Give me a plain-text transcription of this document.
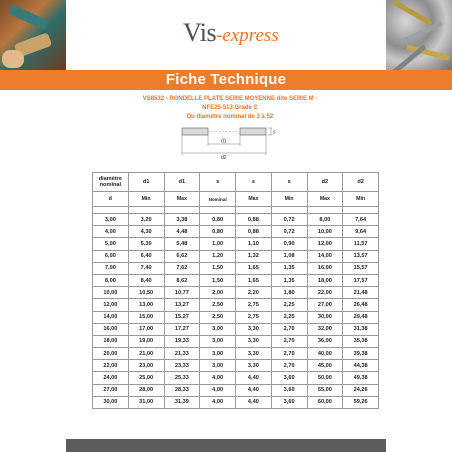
Vis-express
Fiche Technique
VS8532 - RONDELLE PLATE SERIE MOYENNE dite SERIE M -
NFE25-513 Grade C
Du diamètre nominal de 3 à 52
s
d1
d2
diamètre nominal	d1	d1	s	s	s	d2	d2
d	Min	Max	Nominal	Max	Min	Max	Min

3,00	3,20	3,38	0,80	0,88	0,72	8,00	7,64
4,00	4,30	4,48	0,80	0,88	0,72	10,00	9,64
5,00	5,30	5,48	1,00	1,10	0,90	12,00	11,57
6,00	6,40	6,62	1,20	1,32	1,08	14,00	13,57
7,00	7,40	7,62	1,50	1,65	1,35	16,00	15,57
8,00	8,40	8,62	1,50	1,65	1,35	18,00	17,57
10,00	10,50	10,77	2,00	2,20	1,80	22,00	21,48
12,00	13,00	13,27	2,50	2,75	2,25	27,00	26,48
14,00	15,00	15,27	2,50	2,75	2,25	30,00	29,48
16,00	17,00	17,27	3,00	3,30	2,70	32,00	31,38
18,00	19,00	19,33	3,00	3,30	2,70	36,00	35,38
20,00	21,00	21,33	3,00	3,30	2,70	40,00	39,38
22,00	23,00	23,33	3,00	3,30	2,70	45,00	44,38
24,00	25,00	25,33	4,00	4,40	3,60	50,00	49,38
27,00	28,00	28,33	4,00	4,40	3,60	55,00	24,26
30,00	31,00	31,39	4,00	4,40	3,60	60,00	59,26
